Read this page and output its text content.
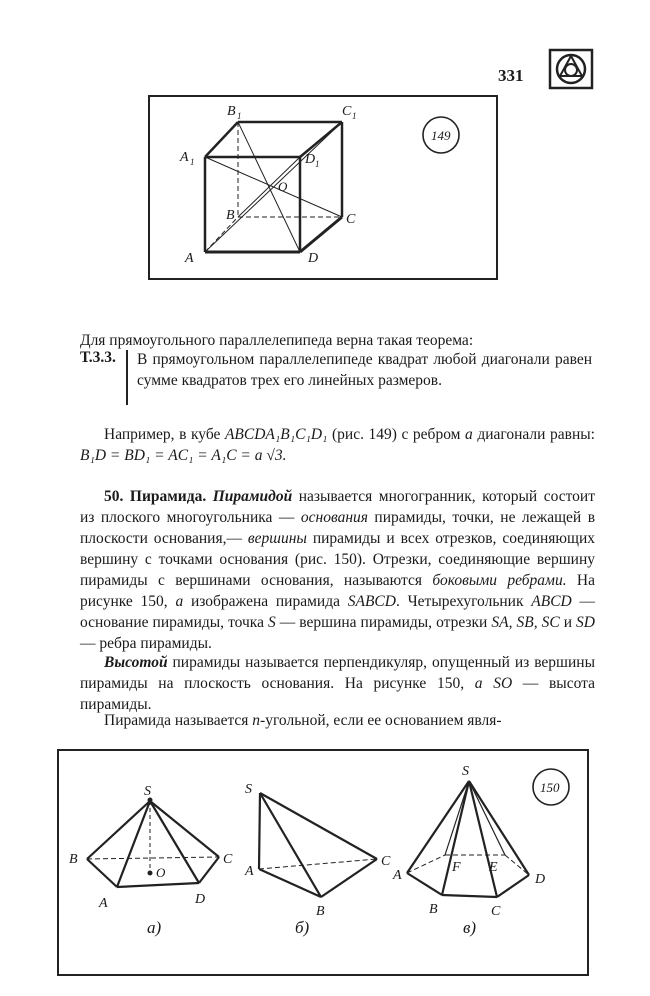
331
A	D
B	C
A 1
B 1	C 1
D 1
O
149
Для прямоугольного параллелепипеда верна такая теорема:
Т.3.3. В прямоугольном параллелепипеде квадрат любой диагонали равен сумме квадратов трех его линейных размеров.
Например, в кубе ABCDA₁B₁C₁D₁ (рис. 149) с ребром a диагонали равны: B₁D = BD₁ = AC₁ = A₁C = a √3.
50. Пирамида. Пирамидой называется многогранник, который состоит из плоского многоугольника — основания пирамиды, точки, не лежащей в плоскости основания,— вершины пирамиды и всех отрезков, соединяющих вершину с точками основания (рис. 150). Отрезки, соединяющие вершину пирамиды с вершинами основания, называются боковыми ребрами. На рисунке 150, а изображена пирамида SABCD. Четырехугольник ABCD — основание пирамиды, точка S — вершина пирамиды, отрезки SA, SB, SC и SD — ребра пирамиды.
Высотой пирамиды называется перпендикуляр, опущенный из вершины пирамиды на плоскость основания. На рисунке 150, а SO — высота пирамиды.
Пирамида называется n-угольной, если ее основанием явля-
S
B	C
A	D
O
а)
S
A
B
C
б)
S
A
B	C
D
E
F
в)
150
